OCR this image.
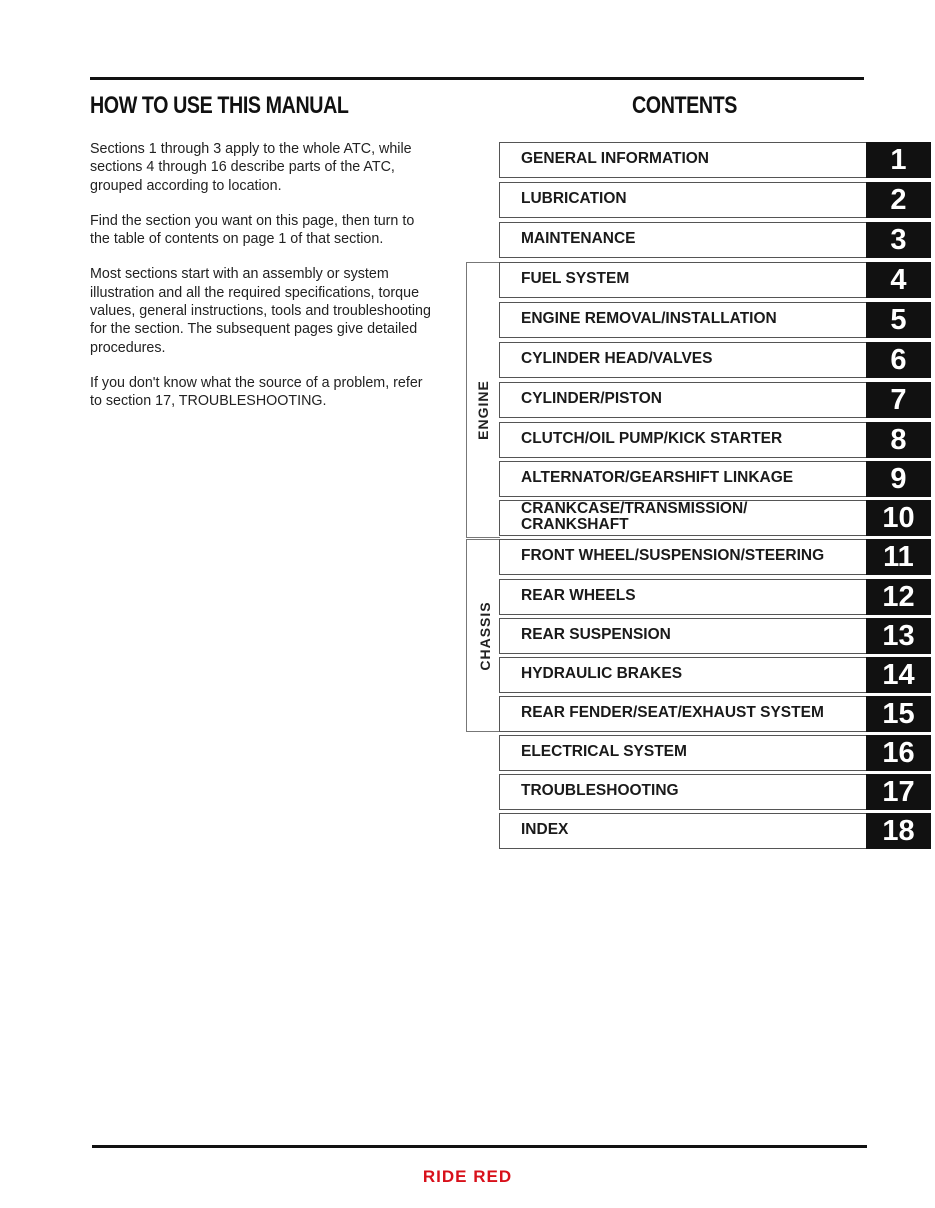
HOW TO USE THIS MANUAL	CONTENTS

Sections 1 through 3 apply to the whole ATC, while sections 4 through 16 describe parts of the ATC, grouped according to location.

Find the section you want on this page, then turn to the table of contents on page 1 of that section.

Most sections start with an assembly or system illustration and all the required specifications, torque values, general instructions, tools and troubleshooting for the section. The subsequent pages give detailed procedures.

If you don't know what the source of a problem, refer to section 17, TROUBLESHOOTING.	ENGINE
CHASSIS
GENERAL INFORMATION	1
LUBRICATION	2
MAINTENANCE	3
FUEL SYSTEM	4
ENGINE REMOVAL/INSTALLATION	5
CYLINDER HEAD/VALVES	6
CYLINDER/PISTON	7
CLUTCH/OIL PUMP/KICK STARTER	8
ALTERNATOR/GEARSHIFT LINKAGE	9
CRANKCASE/TRANSMISSION/
CRANKSHAFT	10
FRONT WHEEL/SUSPENSION/STEERING	11
REAR WHEELS	12
REAR SUSPENSION	13
HYDRAULIC BRAKES	14
REAR FENDER/SEAT/EXHAUST SYSTEM	15
ELECTRICAL SYSTEM	16
TROUBLESHOOTING	17
INDEX	18
RIDE RED
